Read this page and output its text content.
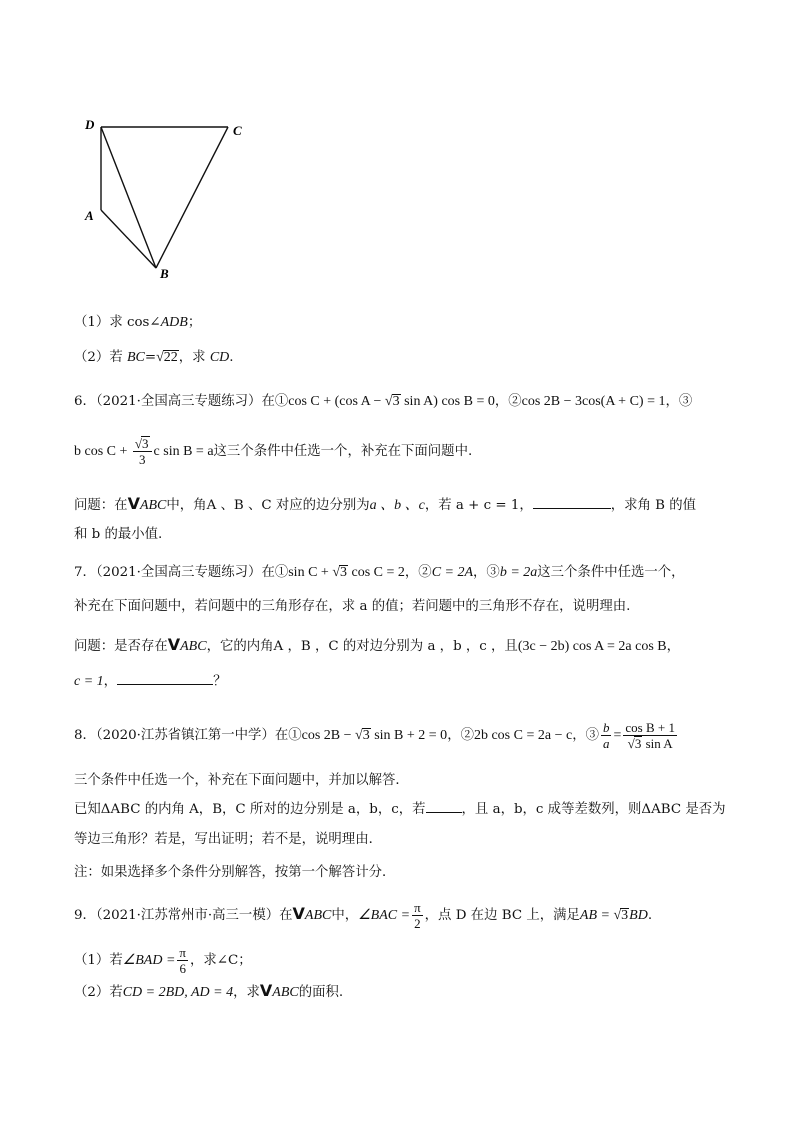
D	C
A
B
（1）求 cos∠ADB；
（2）若 BC=√22，求 CD.
6．（2021·全国高三专题练习）在①cos C + (cos A − √3 sin A) cos B = 0，②cos 2B − 3cos(A + C) = 1，③
b $\cos C + \frac{√3}{3}$ c sin B = a这三个条件中任选一个，补充在下面问题中.
问题：在VABC中，角A 、B 、C 对应的边分别为a 、b 、c，若 a + c = 1，	，求角 B 的值
和 b 的最小值.
7．（2021·全国高三专题练习）在①sin C + √3 cos C = 2，②C = 2A，③b = 2a这三个条件中任选一个，
补充在下面问题中，若问题中的三角形存在，求 a 的值；若问题中的三角形不存在，说明理由.
问题：是否存在VABC，它的内角A ，B ，C 的对边分别为 a ，b ，c ，且(3c − 2b) cos A = 2a cos B，
c = 1，	？
8．（2020·江苏省镇江第一中学）在①cos 2B − √3 sin B + 2 = 0，②2b cos C = 2a − c，③ $\frac{b}{a} = \frac{\text{cos B + 1}}{\text{√3 sin A}}$
三个条件中任选一个，补充在下面问题中，并加以解答．
已知ΔABC 的内角 A，B，C 所对的边分别是 a，b，c，若	，且 a，b，c 成等差数列，则ΔABC 是否为
等边三角形？若是，写出证明；若不是，说明理由．
注：如果选择多个条件分别解答，按第一个解答计分．
9．（2021·江苏常州市·高三一模）在VABC中，∠BAC = $\frac{\pi}{2}$ ，点 D 在边 BC 上，满足AB = √3BD.
（1）若∠BAD = $\frac{\pi}{6}$ ，求∠C；
（2）若CD = 2BD, AD = 4，求VABC的面积.
